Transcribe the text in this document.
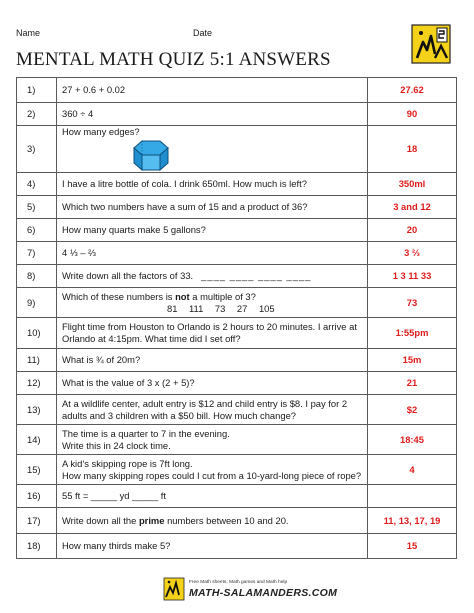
Name	Date
MENTAL MATH QUIZ 5:1 ANSWERS
1)	27 + 0.6 + 0.02	27.62
2)	360 ÷ 4	90
3)	How many edges?	18
4)	I have a litre bottle of cola. I drink 650ml. How much is left?	350ml
5)	Which two numbers have a sum of 15 and a product of 36?	3 and 12
6)	How many quarts make 5 gallons?	20
7)	4 ⅓ – ⅔	3 ⅔
8)	Write down all the factors of 33. ____ ____ ____ ____	1 3 11 33
9)	Which of these numbers is not a multiple of 3?
81 111 73 27 105	73
10)	Flight time from Houston to Orlando is 2 hours to 20 minutes. I arrive at
Orlando at 4:15pm. What time did I set off?	1:55pm
11)	What is ¾ of 20m?	15m
12)	What is the value of 3 x (2 + 5)?	21
13)	At a wildlife center, adult entry is $12 and child entry is $8. I pay for 2
adults and 3 children with a $50 bill. How much change?	$2
14)	The time is a quarter to 7 in the evening.
Write this in 24 clock time.	18:45
15)	A kid’s skipping rope is 7ft long.
How many skipping ropes could I cut from a 10-yard-long piece of rope?	4
16)	55 ft = _____ yd _____ ft	
17)	Write down all the prime numbers between 10 and 20.	11, 13, 17, 19
18)	How many thirds make 5?	15
Free Math sheets, Math games and Math help
MATH-SALAMANDERS.COM
